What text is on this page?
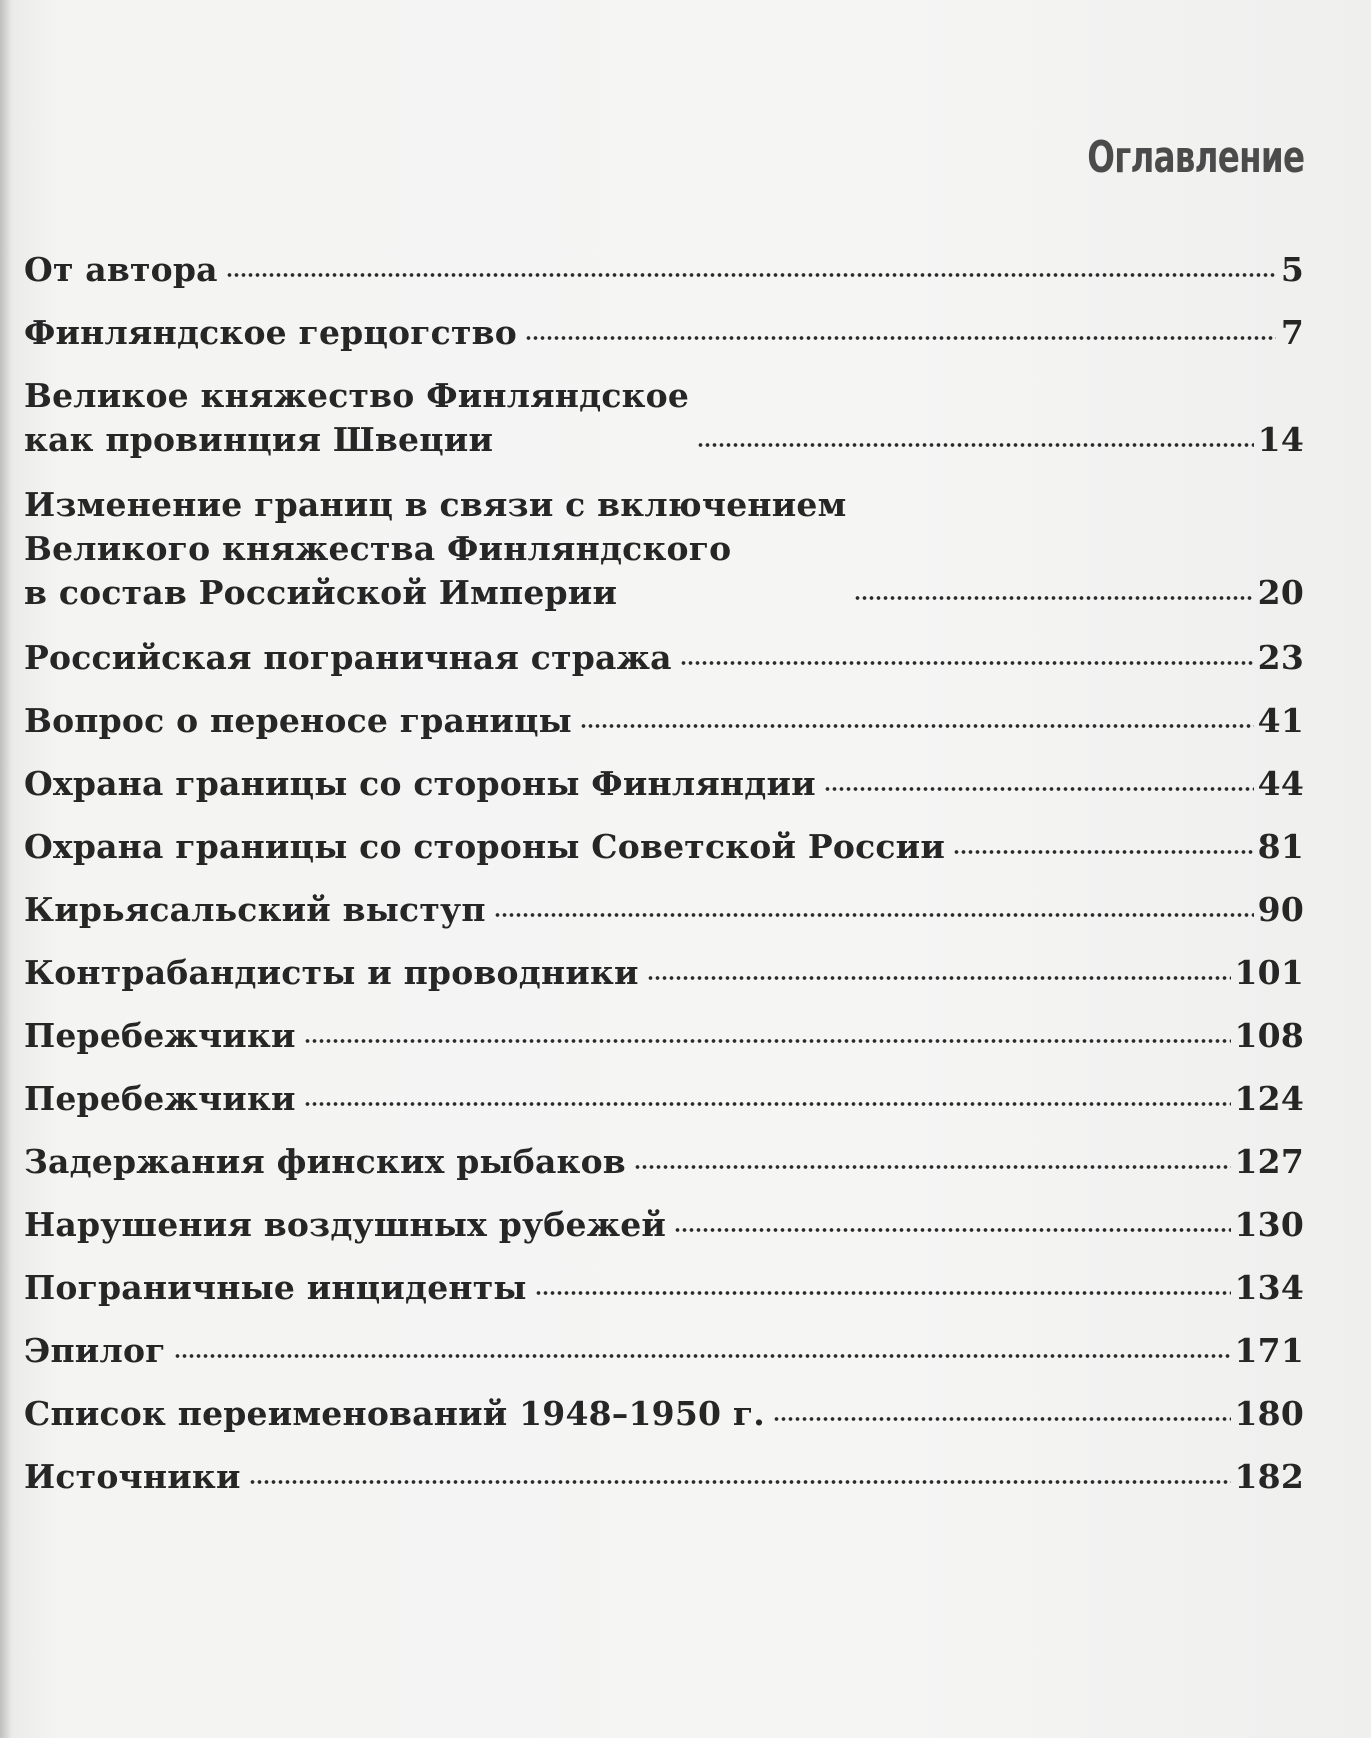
Оглавление
От автора	5
Финляндское герцогство	7
Великое княжество Финляндское
как провинция Швеции	14
Изменение границ в связи с включением
Великого княжества Финляндского
в состав Российской Империи	20
Российская пограничная стража	23
Вопрос о переносе границы	41
Охрана границы со стороны Финляндии	44
Охрана границы со стороны Советской России	81
Кирьясальский выступ	90
Контрабандисты и проводники	101
Перебежчики	108
Перебежчики	124
Задержания финских рыбаков	127
Нарушения воздушных рубежей	130
Пограничные инциденты	134
Эпилог	171
Список переименований 1948–1950 г.	180
Источники	182
